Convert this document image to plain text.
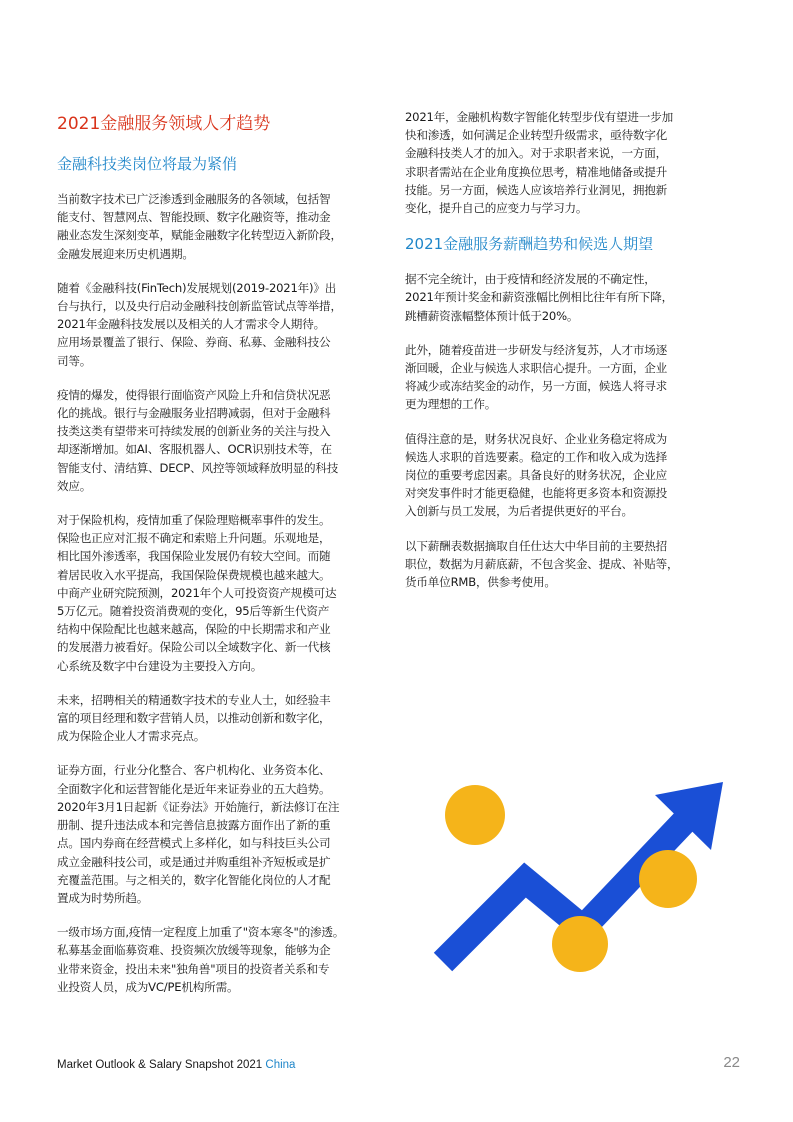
2021金融服务领域人才趋势
金融科技类岗位将最为紧俏

当前数字技术已广泛渗透到金融服务的各领域，包括智
能支付、智慧网点、智能投顾、数字化融资等，推动金
融业态发生深刻变革，赋能金融数字化转型迈入新阶段，
金融发展迎来历史机遇期。

随着《金融科技(FinTech)发展规划(2019-2021年)》出
台与执行，以及央行启动金融科技创新监管试点等举措，
2021年金融科技发展以及相关的人才需求令人期待。
应用场景覆盖了银行、保险、券商、私募、金融科技公
司等。

疫情的爆发，使得银行面临资产风险上升和信贷状况恶
化的挑战。银行与金融服务业招聘减弱，但对于金融科
技类这类有望带来可持续发展的创新业务的关注与投入
却逐渐增加。如AI、客服机器人、OCR识别技术等，在
智能支付、清结算、DECP、风控等领域释放明显的科技
效应。

对于保险机构，疫情加重了保险理赔概率事件的发生。
保险也正应对汇报不确定和索赔上升问题。乐观地是，
相比国外渗透率，我国保险业发展仍有较大空间。而随
着居民收入水平提高，我国保险保费规模也越来越大。
中商产业研究院预测，2021年个人可投资资产规模可达
5万亿元。随着投资消费观的变化，95后等新生代资产
结构中保险配比也越来越高，保险的中长期需求和产业
的发展潜力被看好。保险公司以全域数字化、新一代核
心系统及数字中台建设为主要投入方向。

未来，招聘相关的精通数字技术的专业人士，如经验丰
富的项目经理和数字营销人员，以推动创新和数字化，
成为保险企业人才需求亮点。

证券方面，行业分化整合、客户机构化、业务资本化、
全面数字化和运营智能化是近年来证券业的五大趋势。
2020年3月1日起新《证券法》开始施行，新法修订在注
册制、提升违法成本和完善信息披露方面作出了新的重
点。国内券商在经营模式上多样化，如与科技巨头公司
成立金融科技公司，或是通过并购重组补齐短板或是扩
充覆盖范围。与之相关的，数字化智能化岗位的人才配
置成为时势所趋。

一级市场方面,疫情一定程度上加重了"资本寒冬"的渗透。
私募基金面临募资难、投资频次放缓等现象，能够为企
业带来资金，投出未来"独角兽"项目的投资者关系和专
业投资人员，成为VC/PE机构所需。

2021年，金融机构数字智能化转型步伐有望进一步加
快和渗透，如何满足企业转型升级需求，亟待数字化
金融科技类人才的加入。对于求职者来说，一方面，
求职者需站在企业角度换位思考，精准地储备或提升
技能。另一方面，候选人应该培养行业洞见，拥抱新
变化，提升自己的应变力与学习力。

2021金融服务薪酬趋势和候选人期望

据不完全统计，由于疫情和经济发展的不确定性，
2021年预计奖金和薪资涨幅比例相比往年有所下降，
跳槽薪资涨幅整体预计低于20%。

此外，随着疫苗进一步研发与经济复苏，人才市场逐
渐回暖，企业与候选人求职信心提升。一方面，企业
将减少或冻结奖金的动作，另一方面，候选人将寻求
更为理想的工作。

值得注意的是，财务状况良好、企业业务稳定将成为
候选人求职的首选要素。稳定的工作和收入成为选择
岗位的重要考虑因素。具备良好的财务状况，企业应
对突发事件时才能更稳健，也能将更多资本和资源投
入创新与员工发展，为后者提供更好的平台。

以下薪酬表数据摘取自任仕达大中华目前的主要热招
职位，数据为月薪底薪，不包含奖金、提成、补贴等，
货币单位RMB，供参考使用。

Market Outlook & Salary Snapshot 2021 China	22
